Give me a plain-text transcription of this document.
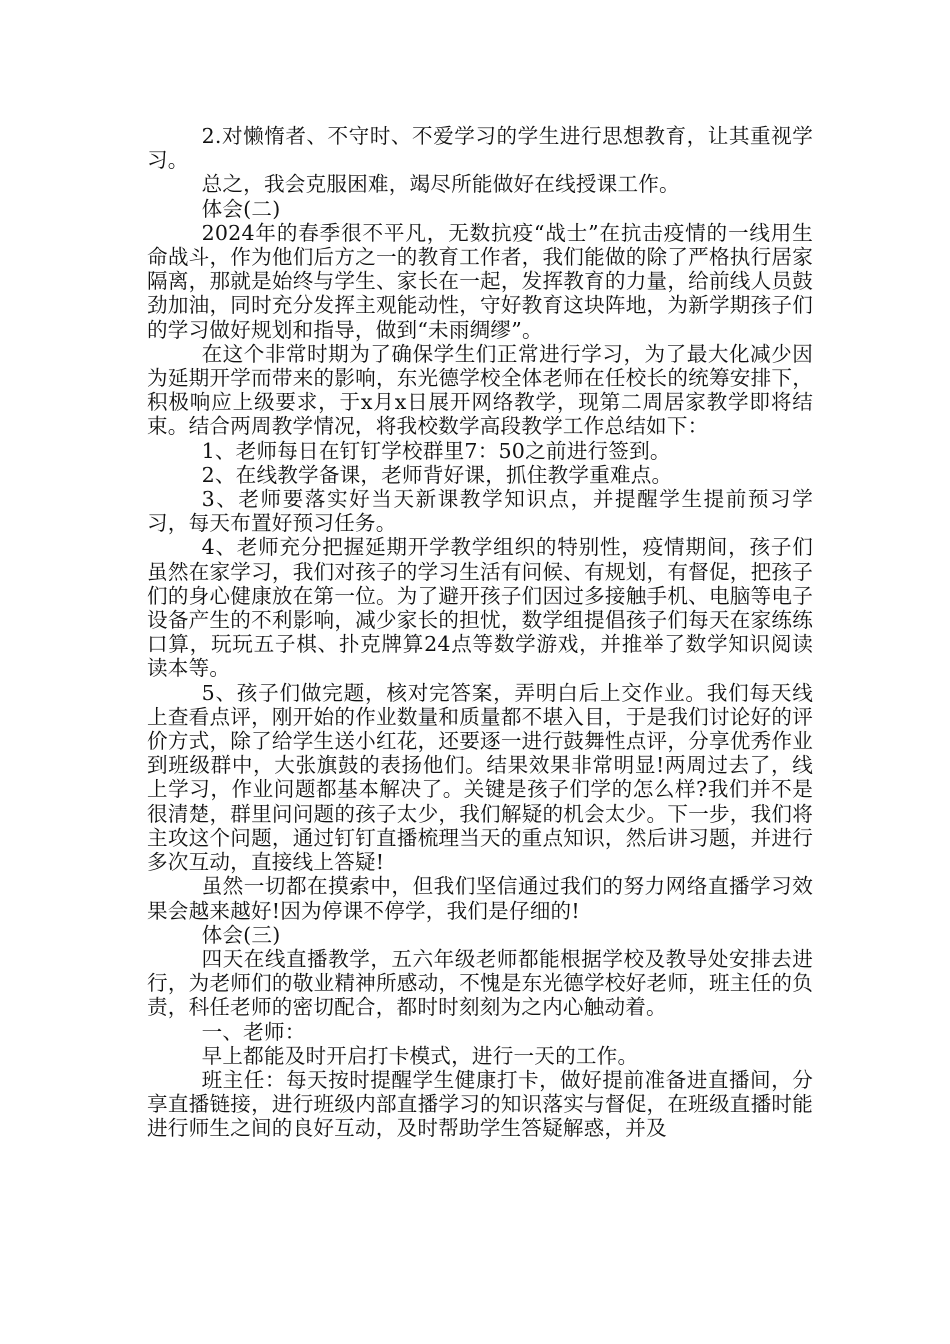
2.对懒惰者、不守时、不爱学习的学生进行思想教育，让其重视学习。

总之，我会克服困难，竭尽所能做好在线授课工作。

体会(二)

2024年的春季很不平凡，无数抗疫“战士”在抗击疫情的一线用生命战斗，作为他们后方之一的教育工作者，我们能做的除了严格执行居家隔离，那就是始终与学生、家长在一起，发挥教育的力量，给前线人员鼓劲加油，同时充分发挥主观能动性，守好教育这块阵地，为新学期孩子们的学习做好规划和指导，做到“未雨绸缪”。

在这个非常时期为了确保学生们正常进行学习，为了最大化减少因为延期开学而带来的影响，东光德学校全体老师在任校长的统筹安排下，积极响应上级要求，于x月x日展开网络教学，现第二周居家教学即将结束。结合两周教学情况，将我校数学高段教学工作总结如下：

1、老师每日在钉钉学校群里7：50之前进行签到。

2、在线教学备课，老师背好课，抓住教学重难点。

3、老师要落实好当天新课教学知识点，并提醒学生提前预习学习，每天布置好预习任务。

4、老师充分把握延期开学教学组织的特别性，疫情期间，孩子们虽然在家学习，我们对孩子的学习生活有问候、有规划，有督促，把孩子们的身心健康放在第一位。为了避开孩子们因过多接触手机、电脑等电子设备产生的不利影响，减少家长的担忧，数学组提倡孩子们每天在家练练口算，玩玩五子棋、扑克牌算24点等数学游戏，并推举了数学知识阅读读本等。

5、孩子们做完题，核对完答案，弄明白后上交作业。我们每天线上查看点评，刚开始的作业数量和质量都不堪入目，于是我们讨论好的评价方式，除了给学生送小红花，还要逐一进行鼓舞性点评，分享优秀作业到班级群中，大张旗鼓的表扬他们。结果效果非常明显!两周过去了，线上学习，作业问题都基本解决了。关键是孩子们学的怎么样?我们并不是很清楚，群里问问题的孩子太少，我们解疑的机会太少。下一步，我们将主攻这个问题，通过钉钉直播梳理当天的重点知识，然后讲习题，并进行多次互动，直接线上答疑!

虽然一切都在摸索中，但我们坚信通过我们的努力网络直播学习效果会越来越好!因为停课不停学，我们是仔细的!

体会(三)

四天在线直播教学，五六年级老师都能根据学校及教导处安排去进行，为老师们的敬业精神所感动，不愧是东光德学校好老师，班主任的负责，科任老师的密切配合，都时时刻刻为之内心触动着。

一、老师：

早上都能及时开启打卡模式，进行一天的工作。

班主任：每天按时提醒学生健康打卡，做好提前准备进直播间，分享直播链接，进行班级内部直播学习的知识落实与督促，在班级直播时能进行师生之间的良好互动，及时帮助学生答疑解惑，并及
